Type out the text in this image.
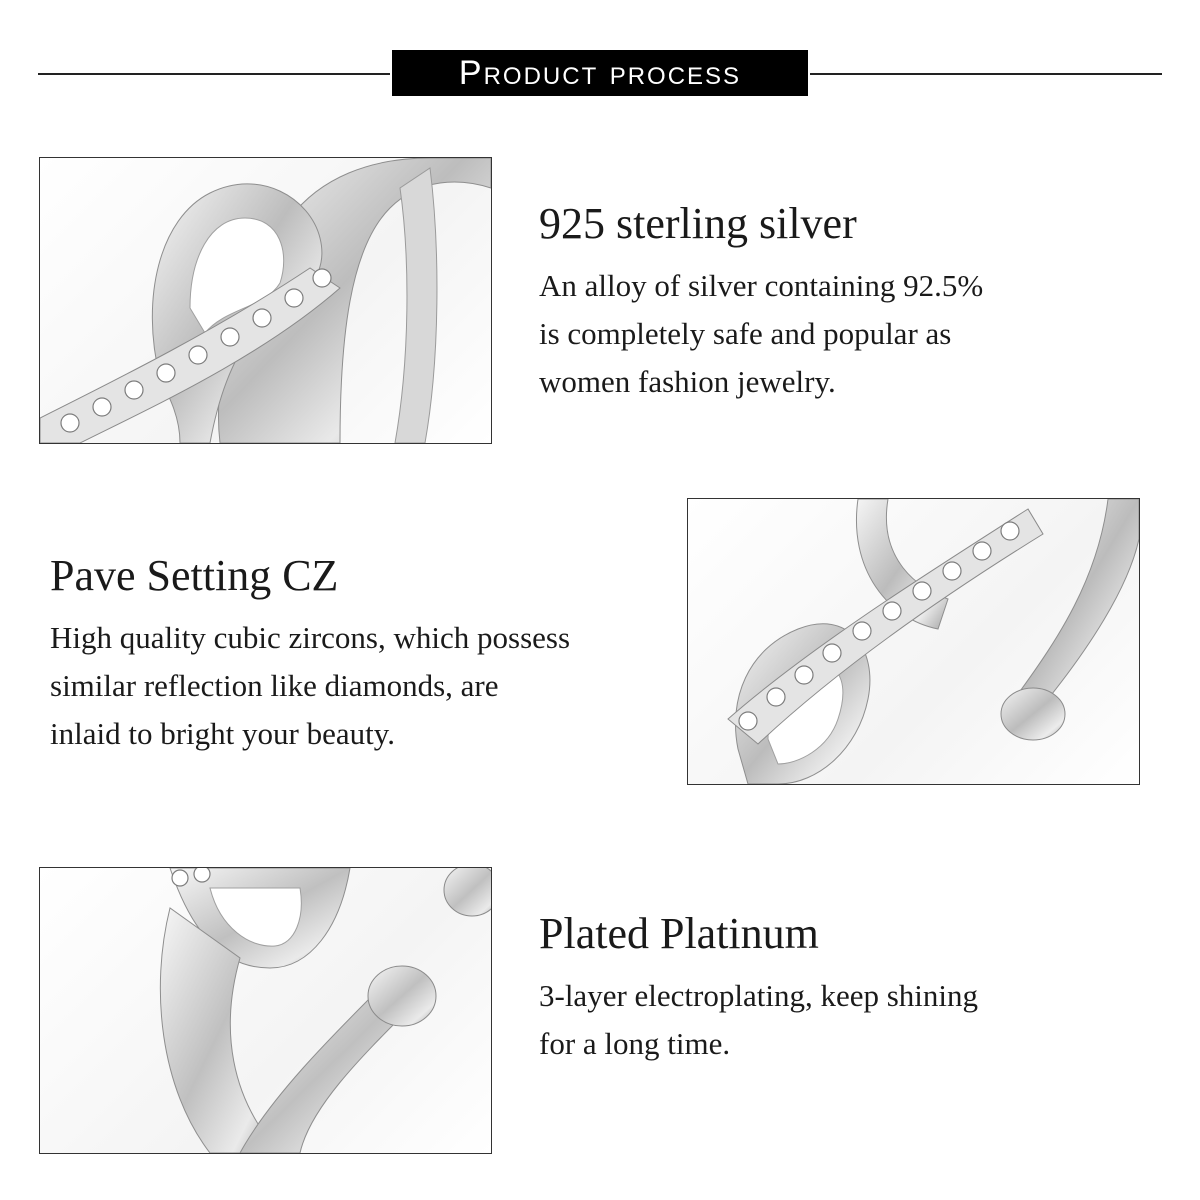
Product process
925 sterling silver

An alloy of silver containing 92.5%
is completely safe and popular as
women fashion jewelry.

Pave Setting CZ

High quality cubic zircons, which possess
similar reflection like diamonds, are
inlaid to bright your beauty.

Plated Platinum

3-layer electroplating, keep shining
for a long time.
